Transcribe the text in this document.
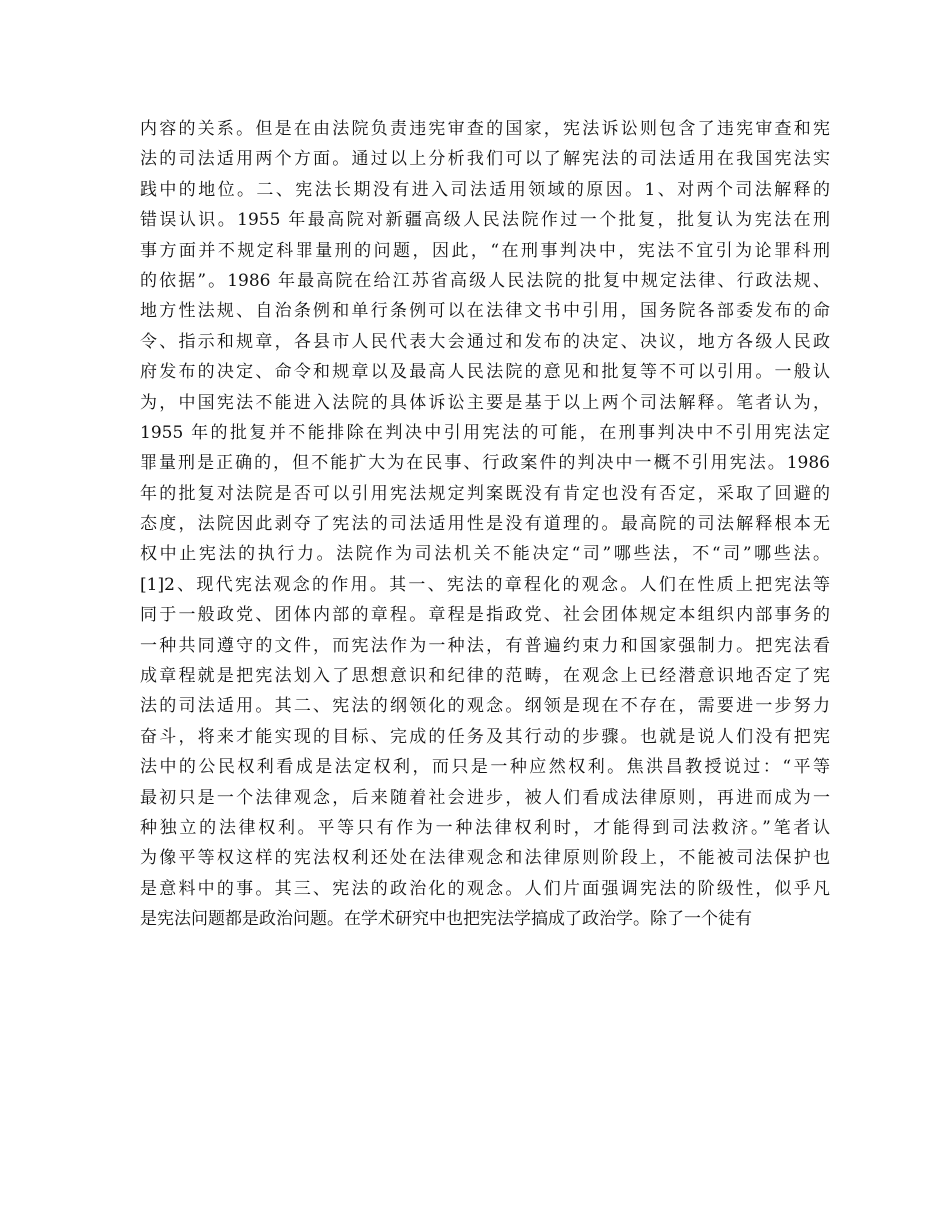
内容的关系。但是在由法院负责违宪审查的国家，宪法诉讼则包含了违宪审查和宪
法的司法适用两个方面。通过以上分析我们可以了解宪法的司法适用在我国宪法实
践中的地位。二、宪法长期没有进入司法适用领域的原因。1、对两个司法解释的
错误认识。1955 年最高院对新疆高级人民法院作过一个批复，批复认为宪法在刑
事方面并不规定科罪量刑的问题，因此，“在刑事判决中，宪法不宜引为论罪科刑
的依据”。1986 年最高院在给江苏省高级人民法院的批复中规定法律、行政法规、
地方性法规、自治条例和单行条例可以在法律文书中引用，国务院各部委发布的命
令、指示和规章，各县市人民代表大会通过和发布的决定、决议，地方各级人民政
府发布的决定、命令和规章以及最高人民法院的意见和批复等不可以引用。一般认
为，中国宪法不能进入法院的具体诉讼主要是基于以上两个司法解释。笔者认为，
1955 年的批复并不能排除在判决中引用宪法的可能，在刑事判决中不引用宪法定
罪量刑是正确的，但不能扩大为在民事、行政案件的判决中一概不引用宪法。1986
年的批复对法院是否可以引用宪法规定判案既没有肯定也没有否定，采取了回避的
态度，法院因此剥夺了宪法的司法适用性是没有道理的。最高院的司法解释根本无
权中止宪法的执行力。法院作为司法机关不能决定“司”哪些法，不“司”哪些法。
[1]2、现代宪法观念的作用。其一、宪法的章程化的观念。人们在性质上把宪法等
同于一般政党、团体内部的章程。章程是指政党、社会团体规定本组织内部事务的
一种共同遵守的文件，而宪法作为一种法，有普遍约束力和国家强制力。把宪法看
成章程就是把宪法划入了思想意识和纪律的范畴，在观念上已经潜意识地否定了宪
法的司法适用。其二、宪法的纲领化的观念。纲领是现在不存在，需要进一步努力
奋斗，将来才能实现的目标、完成的任务及其行动的步骤。也就是说人们没有把宪
法中的公民权利看成是法定权利，而只是一种应然权利。焦洪昌教授说过：“平等
最初只是一个法律观念，后来随着社会进步，被人们看成法律原则，再进而成为一
种独立的法律权利。平等只有作为一种法律权利时，才能得到司法救济。”笔者认
为像平等权这样的宪法权利还处在法律观念和法律原则阶段上，不能被司法保护也
是意料中的事。其三、宪法的政治化的观念。人们片面强调宪法的阶级性，似乎凡
是宪法问题都是政治问题。在学术研究中也把宪法学搞成了政治学。除了一个徒有
